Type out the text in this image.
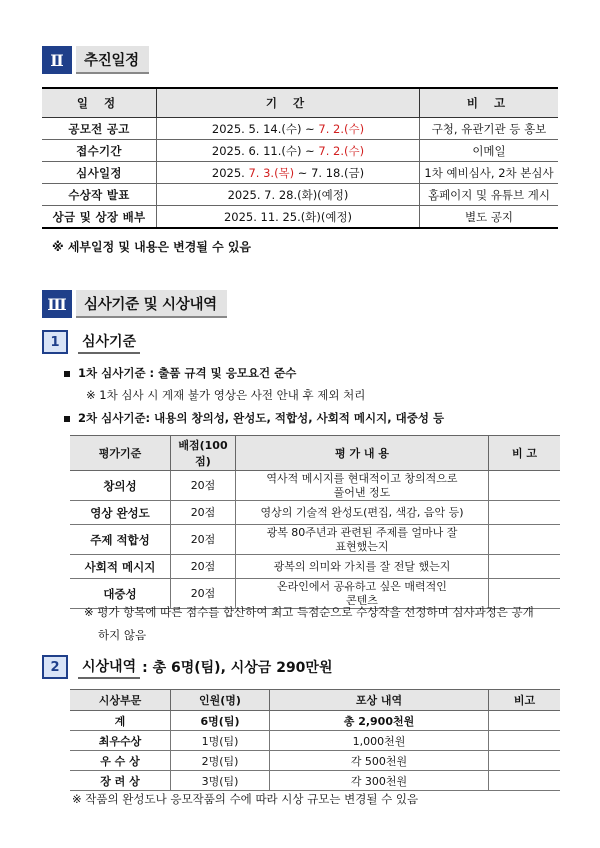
Ⅱ	추진일정
일 정	기 간	비 고
공모전 공고	2025. 5. 14.(수) ~ 7. 2.(수)	구청, 유관기관 등 홍보
접수기간	2025. 6. 11.(수) ~ 7. 2.(수)	이메일
심사일정	2025. 7. 3.(목) ~ 7. 18.(금)	1차 예비심사, 2차 본심사
수상작 발표	2025. 7. 28.(화)(예정)	홈페이지 및 유튜브 게시
상금 및 상장 배부	2025. 11. 25.(화)(예정)	별도 공지
※ 세부일정 및 내용은 변경될 수 있음
Ⅲ	심사기준 및 시상내역
1	심사기준
1차 심사기준 : 출품 규격 및 응모요건 준수
※ 1차 심사 시 게재 불가 영상은 사전 안내 후 제외 처리
2차 심사기준: 내용의 창의성, 완성도, 적합성, 사회적 메시지, 대중성 등
평가기준	배점(100점)	평 가 내 용	비 고
창의성	20점	역사적 메시지를 현대적이고 창의적으로
풀어낸 정도	

영상 완성도	20점	영상의 기술적 완성도(편집, 색감, 음악 등)	

주제 적합성	20점	광복 80주년과 관련된 주제를 얼마나 잘
표현했는지	

사회적 메시지	20점	광복의 의미와 가치를 잘 전달 했는지	

대중성	20점	온라인에서 공유하고 싶은 매력적인
콘텐츠	

※ 평가 항목에 따른 점수를 합산하여 최고 득점순으로 수상작을 선정하며 심사과정은 공개
하지 않음
2	시상내역 : 총 6명(팀), 시상금 290만원
시상부문	인원(명)	포상 내역	비고
계	6명(팀)	총 2,900천원	
최우수상	1명(팀)	1,000천원	
우 수 상	2명(팀)	각 500천원	
장 려 상	3명(팀)	각 300천원	
※ 작품의 완성도나 응모작품의 수에 따라 시상 규모는 변경될 수 있음
